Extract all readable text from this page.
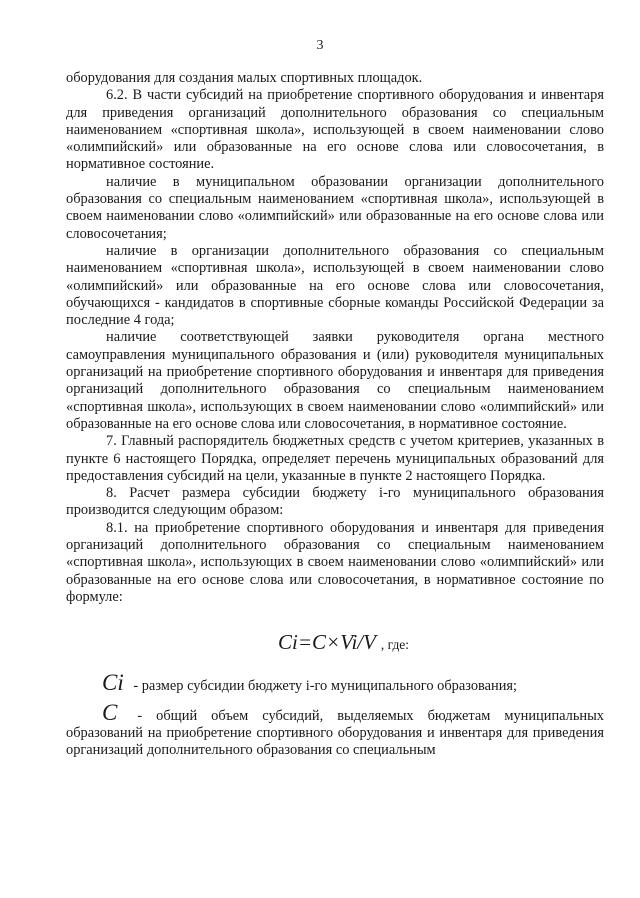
3

оборудования для создания малых спортивных площадок.

6.2. В части субсидий на приобретение спортивного оборудования и инвентаря для приведения организаций дополнительного образования со специальным наименованием «спортивная школа», использующей в своем наименовании слово «олимпийский» или образованные на его основе слова или словосочетания, в нормативное состояние.

наличие в муниципальном образовании организации дополнительного образования со специальным наименованием «спортивная школа», использующей в своем наименовании слово «олимпийский» или образованные на его основе слова или словосочетания;

наличие в организации дополнительного образования со специальным наименованием «спортивная школа», использующей в своем наименовании слово «олимпийский» или образованные на его основе слова или словосочетания, обучающихся - кандидатов в спортивные сборные команды Российской Федерации за последние 4 года;

наличие соответствующей заявки руководителя органа местного самоуправления муниципального образования и (или) руководителя муниципальных организаций на приобретение спортивного оборудования и инвентаря для приведения организаций дополнительного образования со специальным наименованием «спортивная школа», использующих в своем наименовании слово «олимпийский» или образованные на его основе слова или словосочетания, в нормативное состояние.

7. Главный распорядитель бюджетных средств с учетом критериев, указанных в пункте 6 настоящего Порядка, определяет перечень муниципальных образований для предоставления субсидий на цели, указанные в пункте 2 настоящего Порядка.

8. Расчет размера субсидии бюджету i-го муниципального образования производится следующим образом:

8.1. на приобретение спортивного оборудования и инвентаря для приведения организаций дополнительного образования со специальным наименованием «спортивная школа», использующих в своем наименовании слово «олимпийский» или образованные на его основе слова или словосочетания, в нормативное состояние по формуле:

Ci=C×Vi/V , где:

Ci - размер субсидии бюджету i-го муниципального образования;

C - общий объем субсидий, выделяемых бюджетам муниципальных образований на приобретение спортивного оборудования и инвентаря для приведения организаций дополнительного образования со специальным
